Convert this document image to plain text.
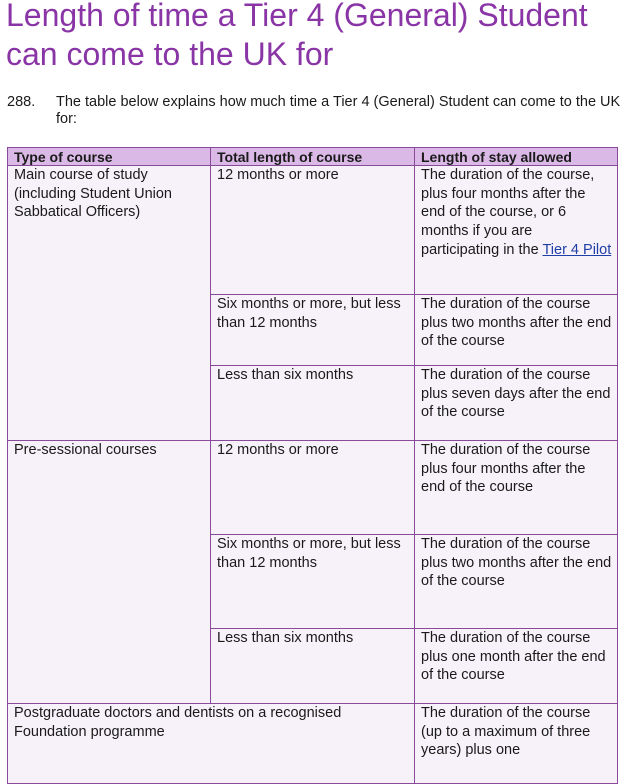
Length of time a Tier 4 (General) Student can come to the UK for
288. The table below explains how much time a Tier 4 (General) Student can come to the UK for:
Type of course	Total length of course	Length of stay allowed
Main course of study (including Student Union Sabbatical Officers)	12 months or more	The duration of the course, plus four months after the end of the course, or 6 months if you are participating in the Tier 4 Pilot
	Six months or more, but less than 12 months	The duration of the course plus two months after the end of the course
	Less than six months	The duration of the course plus seven days after the end of the course
Pre-sessional courses	12 months or more	The duration of the course plus four months after the end of the course
	Six months or more, but less than 12 months	The duration of the course plus two months after the end of the course
	Less than six months	The duration of the course plus one month after the end of the course
Postgraduate doctors and dentists on a recognised Foundation programme		The duration of the course (up to a maximum of three years) plus one
